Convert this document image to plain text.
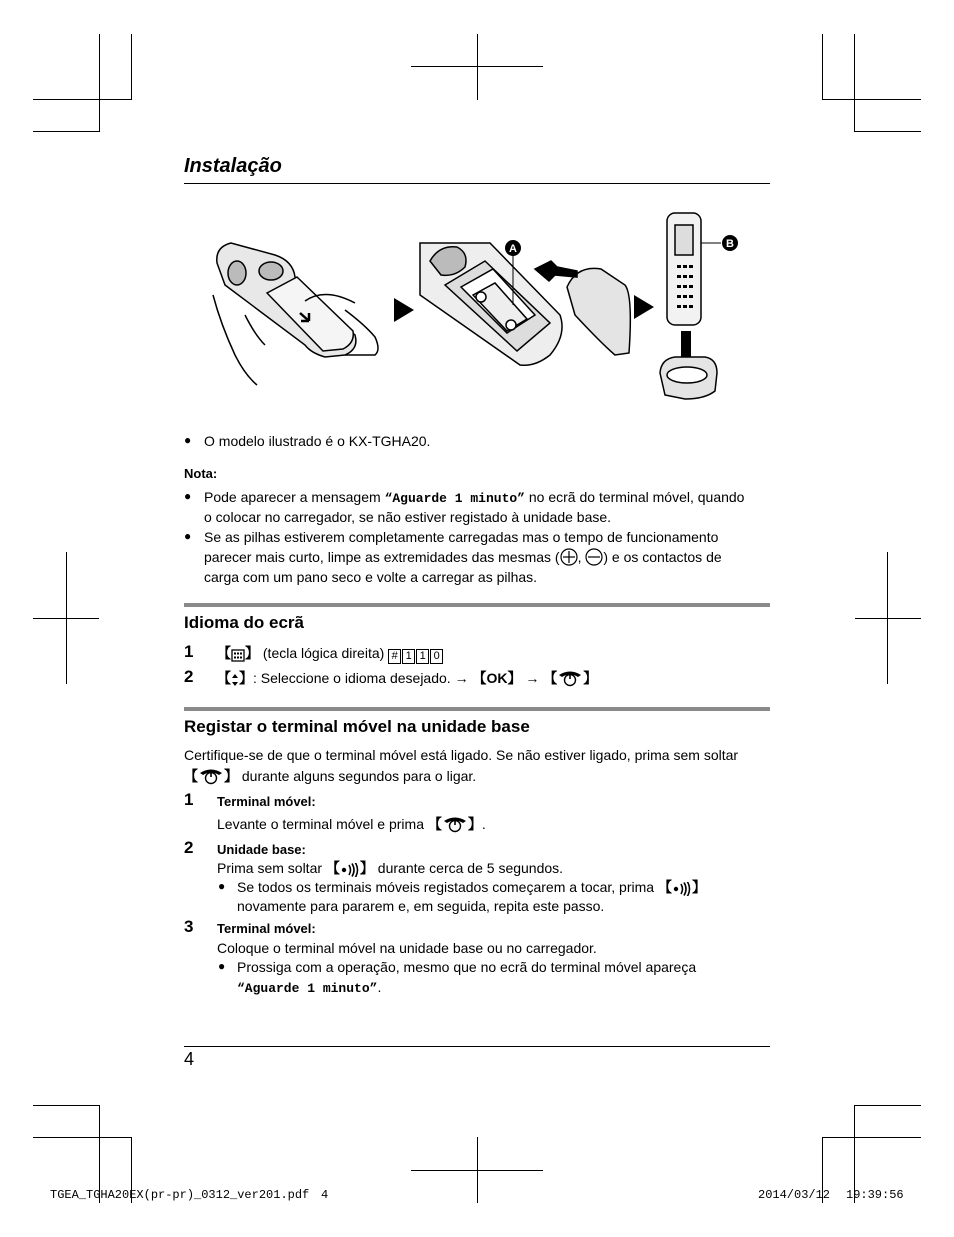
Instalação
A	B
● O modelo ilustrado é o KX-TGHA20.
Nota:
● Pode aparecer a mensagem “Aguarde 1 minuto” no ecrã do terminal móvel, quando
o colocar no carregador, se não estiver registado à unidade base.
● Se as pilhas estiverem completamente carregadas mas o tempo de funcionamento
parecer mais curto, limpe as extremidades das mesmas ( , ) e os contactos de
carga com um pano seco e volte a carregar as pilhas.
Idioma do ecrã
1 【 】 (tecla lógica direita) # 1 1 0
2 【 】: Seleccione o idioma desejado. → 【OK】 → 【 】
Registar o terminal móvel na unidade base
Certifique-se de que o terminal móvel está ligado. Se não estiver ligado, prima sem soltar
【 】 durante alguns segundos para o ligar.
1 Terminal móvel:
Levante o terminal móvel e prima 【 】.
2 Unidade base:
Prima sem soltar 【 】 durante cerca de 5 segundos.
● Se todos os terminais móveis registados começarem a tocar, prima 【 】
novamente para pararem e, em seguida, repita este passo.
3 Terminal móvel:
Coloque o terminal móvel na unidade base ou no carregador.
● Prossiga com a operação, mesmo que no ecrã do terminal móvel apareça
“Aguarde 1 minuto”.
4
TGEA_TGHA20EX(pr-pr)_0312_ver201.pdf 4	2014/03/12 19:39:56
